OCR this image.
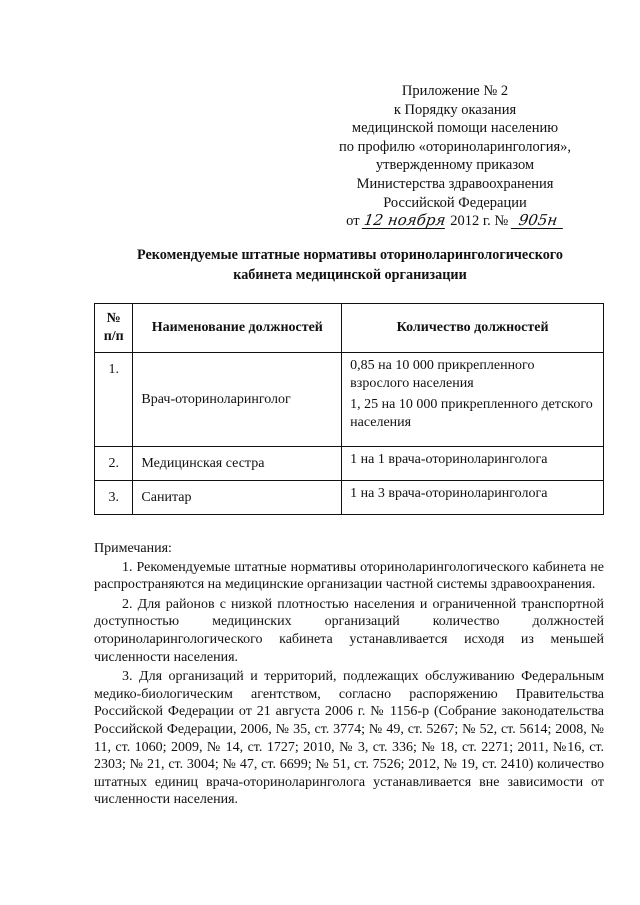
Приложение № 2
к Порядку оказания
медицинской помощи населению
по профилю «оториноларингология»,
утвержденному приказом
Министерства здравоохранения
Российской Федерации
от 12 ноября 2012 г. № 905н
Рекомендуемые штатные нормативы оториноларингологического
кабинета медицинской организации
№
п/п	Наименование должностей	Количество должностей
1.	Врач-оториноларинголог	0,85 на 10 000 прикрепленного взрослого населения
1, 25 на 10 000 прикрепленного детского населения

2.	Медицинская сестра	1 на 1 врача-оториноларинголога

3.	Санитар	1 на 3 врача-оториноларинголога
Примечания:

1. Рекомендуемые штатные нормативы оториноларингологического кабинета не распространяются на медицинские организации частной системы здравоохранения.

2. Для районов с низкой плотностью населения и ограниченной транспортной доступностью медицинских организаций количество должностей оториноларингологического кабинета устанавливается исходя из меньшей численности населения.

3. Для организаций и территорий, подлежащих обслуживанию Федеральным медико-биологическим агентством, согласно распоряжению Правительства Российской Федерации от 21 августа 2006 г. № 1156-р (Собрание законодательства Российской Федерации, 2006, № 35, ст. 3774; № 49, ст. 5267; № 52, ст. 5614; 2008, № 11, ст. 1060; 2009, № 14, ст. 1727; 2010, № 3, ст. 336; № 18, ст. 2271; 2011, №16, ст. 2303; № 21, ст. 3004; № 47, ст. 6699; № 51, ст. 7526; 2012, № 19, ст. 2410) количество штатных единиц врача-оториноларинголога устанавливается вне зависимости от численности населения.
